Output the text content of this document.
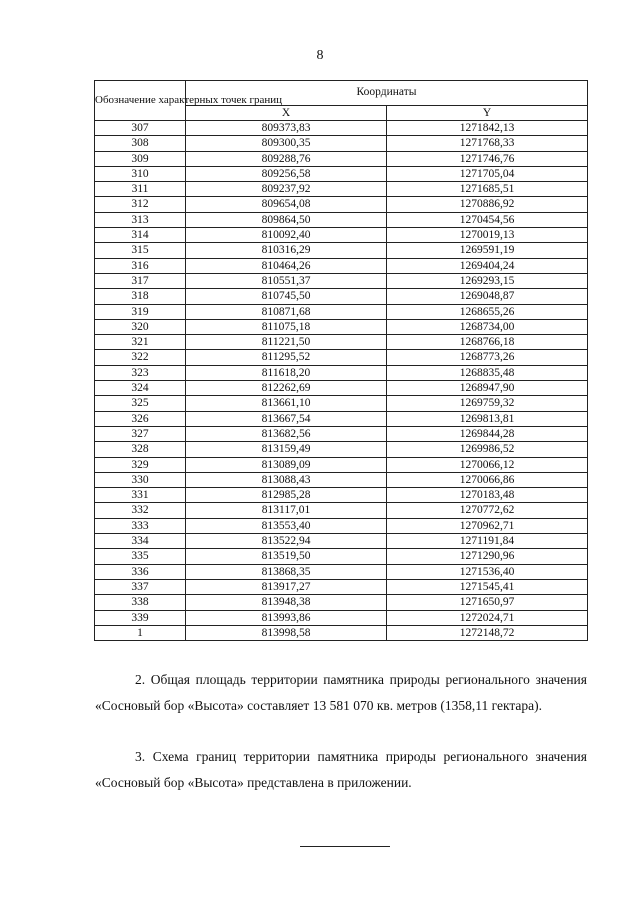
8
Обозначение характерных точек границ	Координаты	
	X	Y
307	809373,83	1271842,13
308	809300,35	1271768,33
309	809288,76	1271746,76
310	809256,58	1271705,04
311	809237,92	1271685,51
312	809654,08	1270886,92
313	809864,50	1270454,56
314	810092,40	1270019,13
315	810316,29	1269591,19
316	810464,26	1269404,24
317	810551,37	1269293,15
318	810745,50	1269048,87
319	810871,68	1268655,26
320	811075,18	1268734,00
321	811221,50	1268766,18
322	811295,52	1268773,26
323	811618,20	1268835,48
324	812262,69	1268947,90
325	813661,10	1269759,32
326	813667,54	1269813,81
327	813682,56	1269844,28
328	813159,49	1269986,52
329	813089,09	1270066,12
330	813088,43	1270066,86
331	812985,28	1270183,48
332	813117,01	1270772,62
333	813553,40	1270962,71
334	813522,94	1271191,84
335	813519,50	1271290,96
336	813868,35	1271536,40
337	813917,27	1271545,41
338	813948,38	1271650,97
339	813993,86	1272024,71
1	813998,58	1272148,72

2. Общая площадь территории памятника природы регионального значения «Сосновый бор «Высота» составляет 13 581 070 кв. метров (1358,11 гектара).

3. Схема границ территории памятника природы регионального значения «Сосновый бор «Высота» представлена в приложении.
